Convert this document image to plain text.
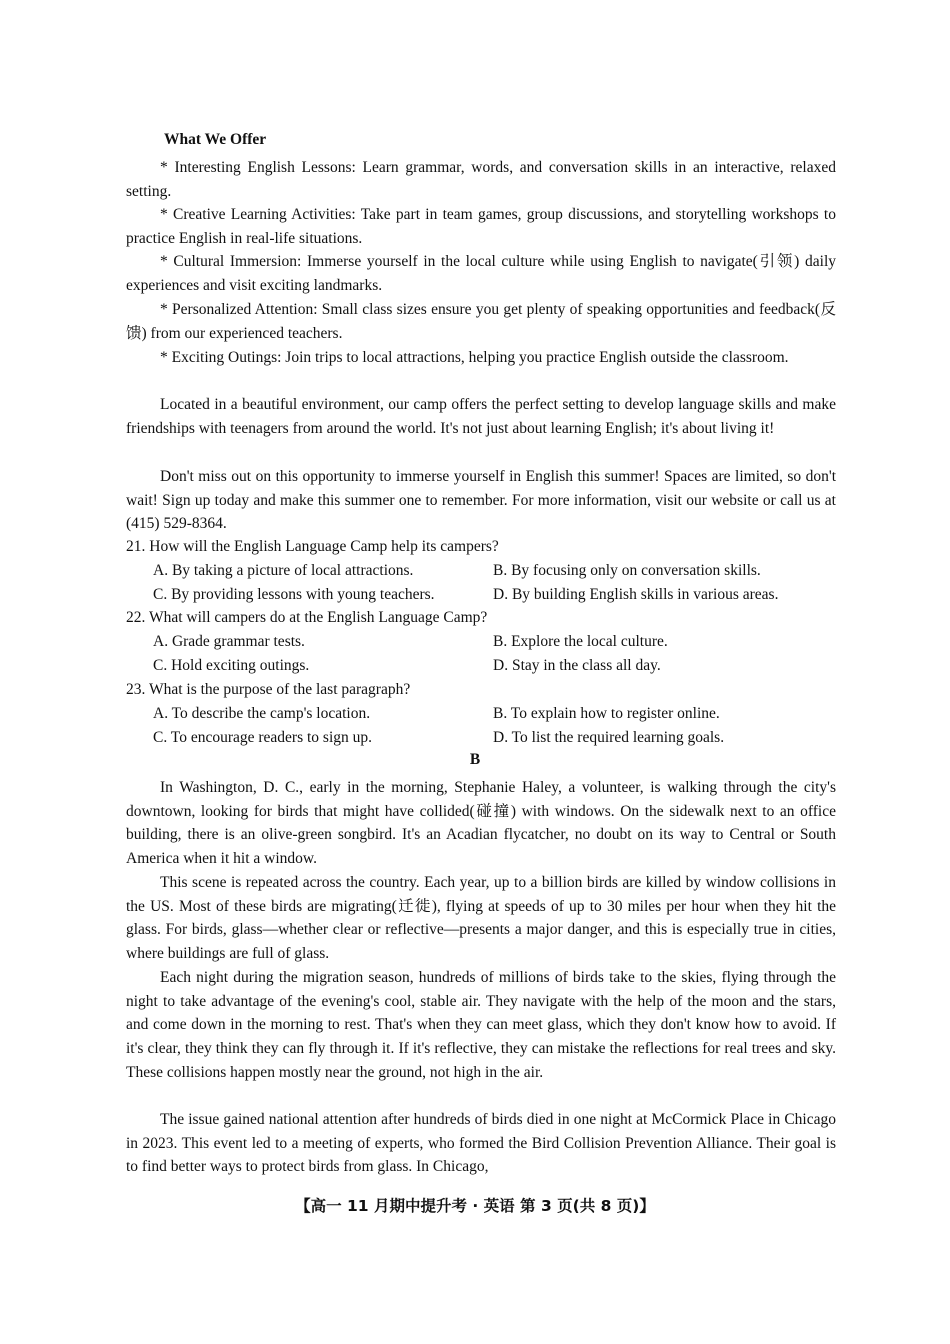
What We Offer

* Interesting English Lessons: Learn grammar, words, and conversation skills in an interactive, relaxed setting.

* Creative Learning Activities: Take part in team games, group discussions, and storytelling workshops to practice English in real-life situations.

* Cultural Immersion: Immerse yourself in the local culture while using English to navigate(引领) daily experiences and visit exciting landmarks.

* Personalized Attention: Small class sizes ensure you get plenty of speaking opportunities and feedback(反馈) from our experienced teachers.

* Exciting Outings: Join trips to local attractions, helping you practice English outside the classroom.

Located in a beautiful environment, our camp offers the perfect setting to develop language skills and make friendships with teenagers from around the world. It's not just about learning English; it's about living it!

Don't miss out on this opportunity to immerse yourself in English this summer! Spaces are limited, so don't wait! Sign up today and make this summer one to remember. For more information, visit our website or call us at (415) 529-8364.

21. How will the English Language Camp help its campers?
A. By taking a picture of local attractions.	B. By focusing only on conversation skills.
C. By providing lessons with young teachers.	D. By building English skills in various areas.
22. What will campers do at the English Language Camp?
A. Grade grammar tests.	B. Explore the local culture.
C. Hold exciting outings.	D. Stay in the class all day.
23. What is the purpose of the last paragraph?
A. To describe the camp's location.	B. To explain how to register online.
C. To encourage readers to sign up.	D. To list the required learning goals.
B

In Washington, D. C., early in the morning, Stephanie Haley, a volunteer, is walking through the city's downtown, looking for birds that might have collided(碰撞) with windows. On the sidewalk next to an office building, there is an olive-green songbird. It's an Acadian flycatcher, no doubt on its way to Central or South America when it hit a window.

This scene is repeated across the country. Each year, up to a billion birds are killed by window collisions in the US. Most of these birds are migrating(迁徙), flying at speeds of up to 30 miles per hour when they hit the glass. For birds, glass—whether clear or reflective—presents a major danger, and this is especially true in cities, where buildings are full of glass.

Each night during the migration season, hundreds of millions of birds take to the skies, flying through the night to take advantage of the evening's cool, stable air. They navigate with the help of the moon and the stars, and come down in the morning to rest. That's when they can meet glass, which they don't know how to avoid. If it's clear, they think they can fly through it. If it's reflective, they can mistake the reflections for real trees and sky. These collisions happen mostly near the ground, not high in the air.

The issue gained national attention after hundreds of birds died in one night at McCormick Place in Chicago in 2023. This event led to a meeting of experts, who formed the Bird Collision Prevention Alliance. Their goal is to find better ways to protect birds from glass. In Chicago,

【高一 11 月期中提升考 · 英语 第 3 页(共 8 页)】
